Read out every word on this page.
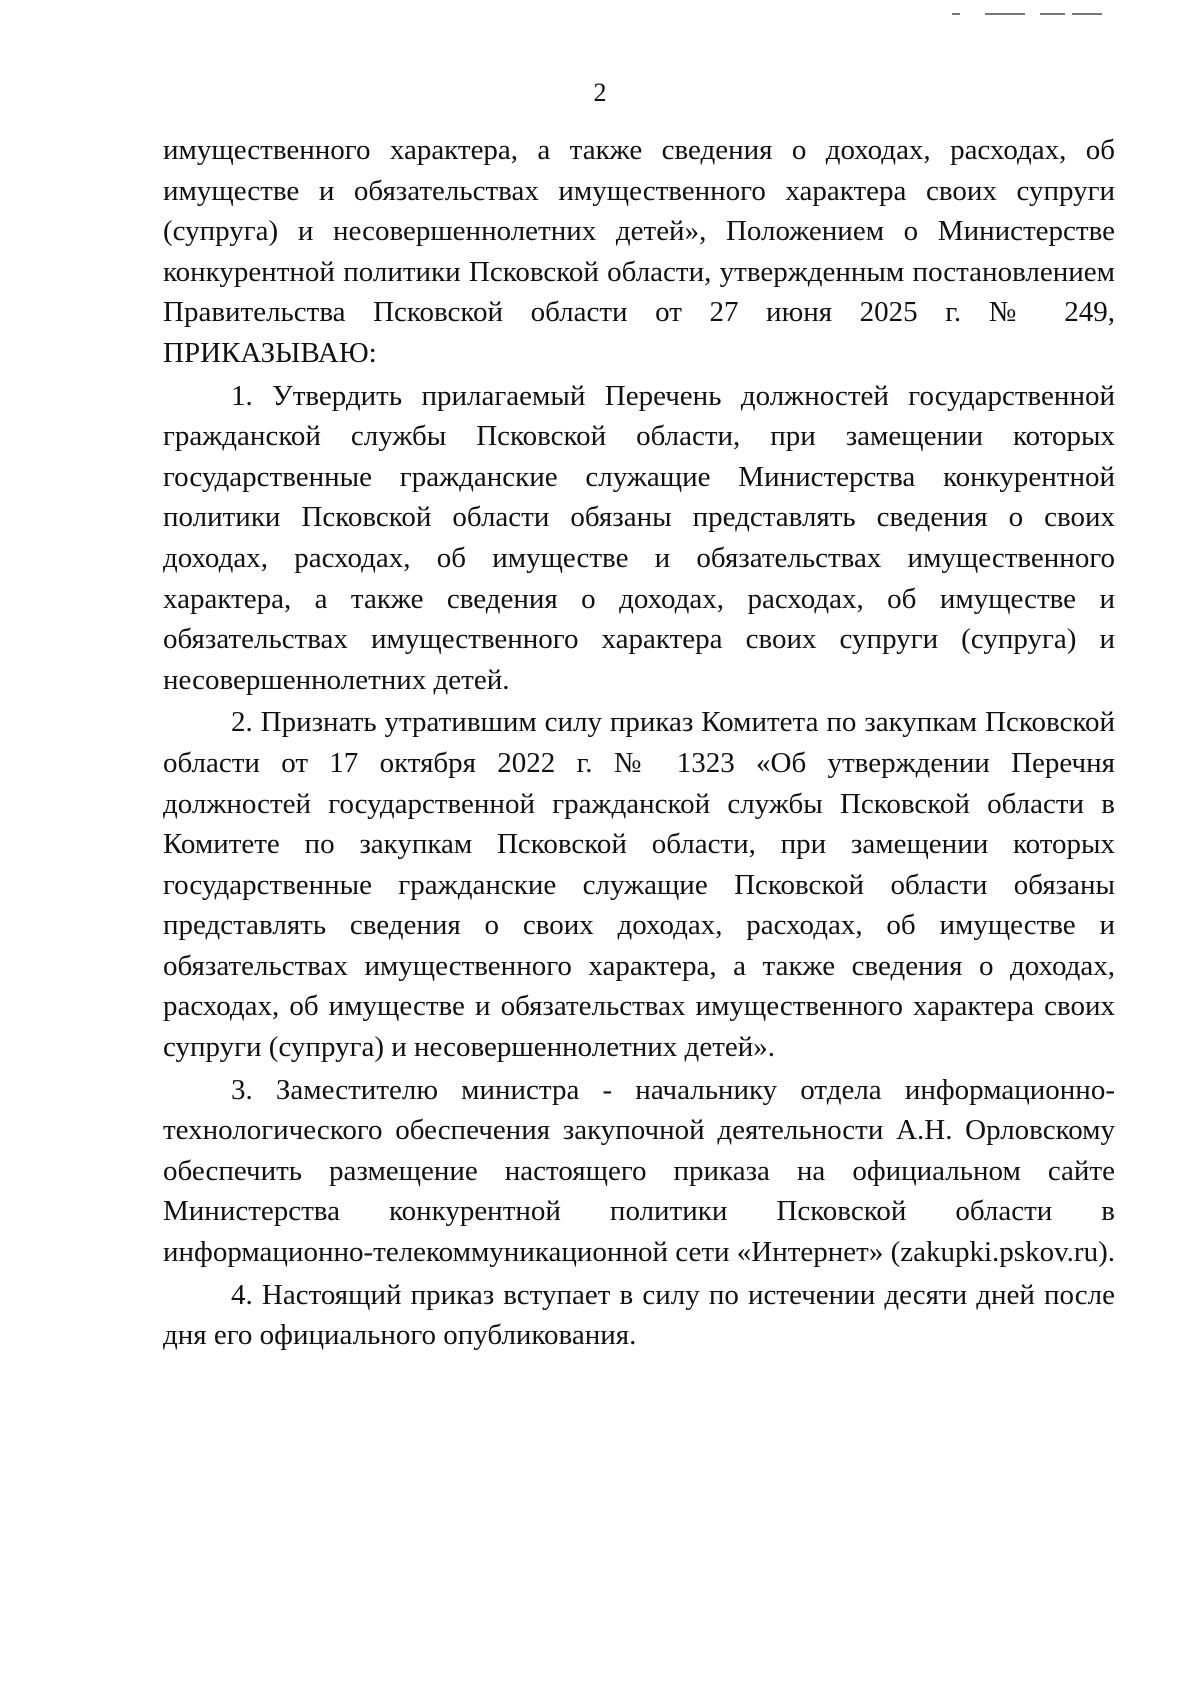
2

имущественного характера, а также сведения о доходах, расходах, об имуществе и обязательствах имущественного характера своих супруги (супруга) и несовершеннолетних детей», Положением о Министерстве конкурентной политики Псковской области, утвержденным постановлением Правительства Псковской области от 27 июня 2025 г. № 249, ПРИКАЗЫВАЮ:

1. Утвердить прилагаемый Перечень должностей государственной гражданской службы Псковской области, при замещении которых государственные гражданские служащие Министерства конкурентной политики Псковской области обязаны представлять сведения о своих доходах, расходах, об имуществе и обязательствах имущественного характера, а также сведения о доходах, расходах, об имуществе и обязательствах имущественного характера своих супруги (супруга) и несовершеннолетних детей.

2. Признать утратившим силу приказ Комитета по закупкам Псковской области от 17 октября 2022 г. № 1323 «Об утверждении Перечня должностей государственной гражданской службы Псковской области в Комитете по закупкам Псковской области, при замещении которых государственные гражданские служащие Псковской области обязаны представлять сведения о своих доходах, расходах, об имуществе и обязательствах имущественного характера, а также сведения о доходах, расходах, об имуществе и обязательствах имущественного характера своих супруги (супруга) и несовершеннолетних детей».

3. Заместителю министра - начальнику отдела информационно-технологического обеспечения закупочной деятельности А.Н. Орловскому обеспечить размещение настоящего приказа на официальном сайте Министерства конкурентной политики Псковской области в информационно-телекоммуникационной сети «Интернет» (zakupki.pskov.ru).

4. Настоящий приказ вступает в силу по истечении десяти дней после дня его официального опубликования.
